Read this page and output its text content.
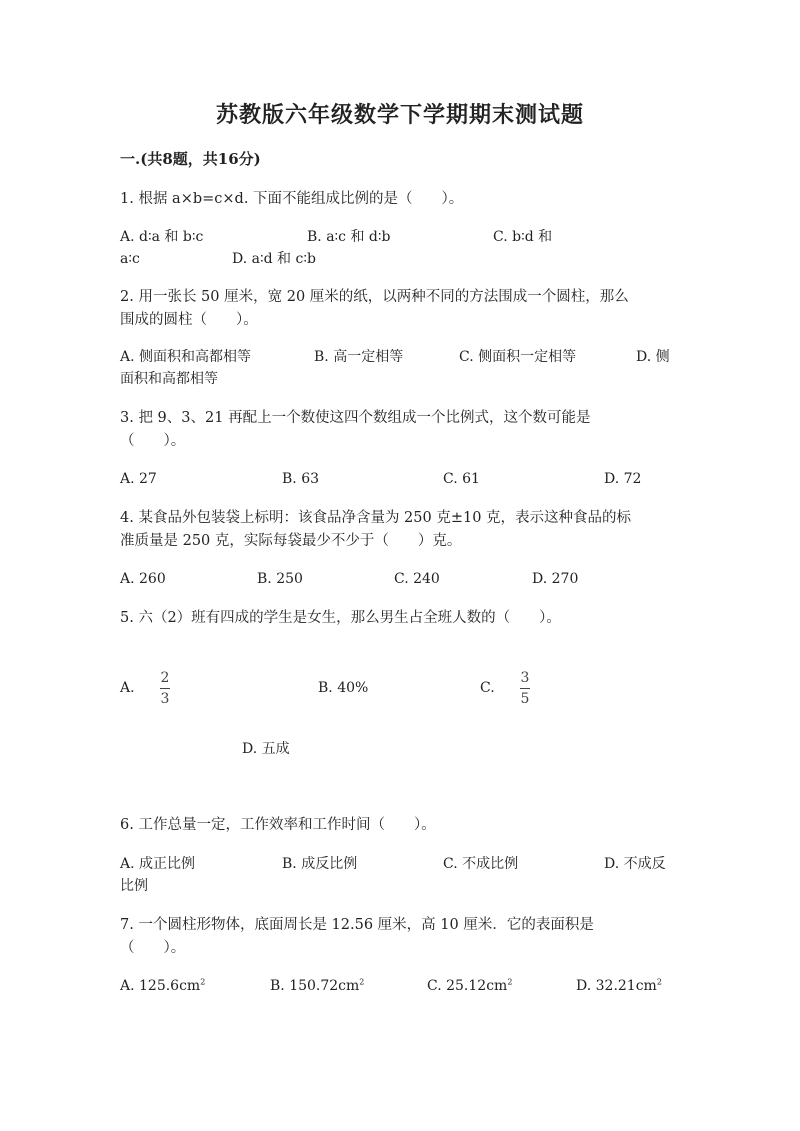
苏教版六年级数学下学期期末测试题
一.(共8题，共16分)
1. 根据 a×b=c×d. 下面不能组成比例的是（　　）。
A. d∶a 和 b∶c	B. a∶c 和 d∶b	C. b∶d 和
a∶c	D. a∶d 和 c∶b
2. 用一张长 50 厘米，宽 20 厘米的纸，以两种不同的方法围成一个圆柱，那么
围成的圆柱（　　）。
A. 侧面积和高都相等	B. 高一定相等	C. 侧面积一定相等	D. 侧
面积和高都相等
3. 把 9、3、21 再配上一个数使这四个数组成一个比例式，这个数可能是
（　　）。
A. 27	B. 63	C. 61	D. 72
4. 某食品外包装袋上标明：该食品净含量为 250 克±10 克，表示这种食品的标
准质量是 250 克，实际每袋最少不少于（　　）克。
A. 260	B. 250	C. 240	D. 270
5. 六（2）班有四成的学生是女生，那么男生占全班人数的（　　）。
A.
2
3
B. 40%	C.
3
5
D. 五成
6. 工作总量一定，工作效率和工作时间（　　）。
A. 成正比例	B. 成反比例	C. 不成比例	D. 不成反
比例
7. 一个圆柱形物体，底面周长是 12.56 厘米，高 10 厘米．它的表面积是
（　　）。
A. $125.6cm^2$	B. $150.72cm^2$	C. $25.12cm^2$	D. $32.21cm^2$
